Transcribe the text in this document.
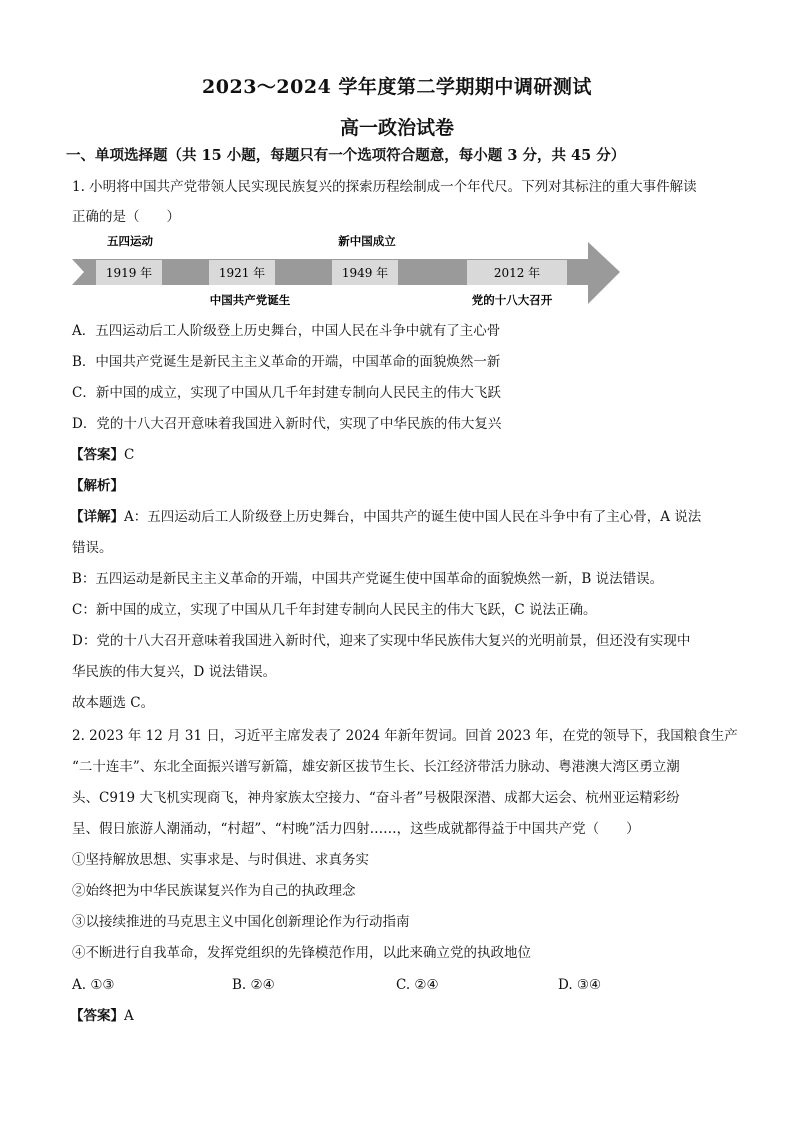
2023～2024 学年度第二学期期中调研测试
高一政治试卷
一、单项选择题（共 15 小题，每题只有一个选项符合题意，每小题 3 分，共 45 分）
1. 小明将中国共产党带领人民实现民族复兴的探索历程绘制成一个年代尺。下列对其标注的重大事件解读
正确的是（　　）
1919 年	1921 年	1949 年	2012 年
五四运动	新中国成立
中国共产党诞生	党的十八大召开
A．五四运动后工人阶级登上历史舞台，中国人民在斗争中就有了主心骨
B．中国共产党诞生是新民主主义革命的开端，中国革命的面貌焕然一新
C．新中国的成立，实现了中国从几千年封建专制向人民民主的伟大飞跃
D．党的十八大召开意味着我国进入新时代，实现了中华民族的伟大复兴
【答案】C
【解析】
【详解】A：五四运动后工人阶级登上历史舞台，中国共产的诞生使中国人民在斗争中有了主心骨，A 说法
错误。
B：五四运动是新民主主义革命的开端，中国共产党诞生使中国革命的面貌焕然一新，B 说法错误。
C：新中国的成立，实现了中国从几千年封建专制向人民民主的伟大飞跃，C 说法正确。
D：党的十八大召开意味着我国进入新时代，迎来了实现中华民族伟大复兴的光明前景，但还没有实现中
华民族的伟大复兴，D 说法错误。
故本题选 C。
2. 2023 年 12 月 31 日，习近平主席发表了 2024 年新年贺词。回首 2023 年，在党的领导下，我国粮食生产
“二十连丰”、东北全面振兴谱写新篇，雄安新区拔节生长、长江经济带活力脉动、粤港澳大湾区勇立潮
头、C919 大飞机实现商飞，神舟家族太空接力、“奋斗者”号极限深潜、成都大运会、杭州亚运精彩纷
呈、假日旅游人潮涌动，“村超”、“村晚”活力四射……，这些成就都得益于中国共产党（　　）
①坚持解放思想、实事求是、与时俱进、求真务实
②始终把为中华民族谋复兴作为自己的执政理念
③以接续推进的马克思主义中国化创新理论作为行动指南
④不断进行自我革命，发挥党组织的先锋模范作用，以此来确立党的执政地位
A. ①③	B. ②④	C. ②④	D. ③④
【答案】A
